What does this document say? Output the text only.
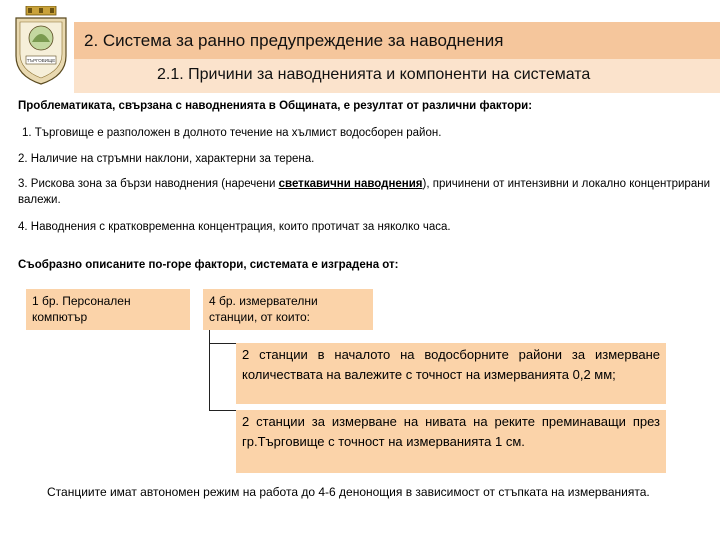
ТЪРГОВИЩЕ
2. Система за ранно предупреждение за наводнения
2.1. Причини за наводненията и компоненти на системата
Проблематиката, свързана с наводненията в Общината, е резултат от различни фактори:
1. Търговище е разположен в долното течение на хълмист водосборен район.
2. Наличие на стръмни наклони, характерни за терена.
3. Рискова зона за бързи наводнения (наречени светкавични наводнения), причинени от интензивни и локално концентрирани валежи.
4. Наводнения с кратковременна концентрация, които протичат за няколко часа.
Съобразно описаните по-горе фактори, системата е изградена от:
1 бр. Персонален компютър
4 бр. измервателни станции, от които:
2 станции в началото на водосборните райони за измерване количествата на валежите с точност на измерванията 0,2 мм;
2 станции за измерване на нивата на реките преминаващи през гр.Търговище с точност на измерванията 1 см.
Станциите имат автономен режим на работа до 4-6 денонощия в зависимост от стъпката на измерванията.
